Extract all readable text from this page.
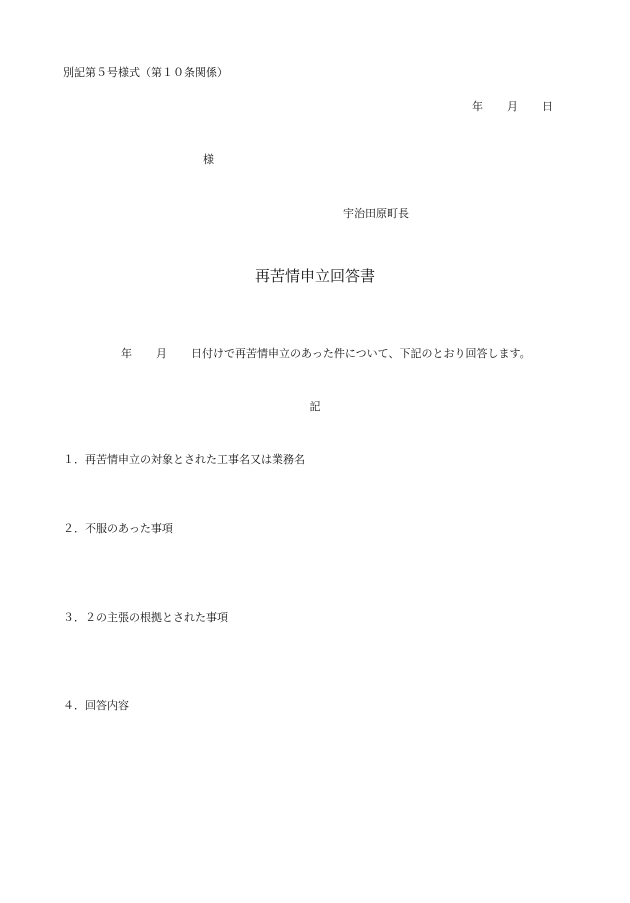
別記第５号様式（第１０条関係）
年 月 日
様
宇治田原町長
再苦情申立回答書
年 月 日付けで再苦情申立のあった件について、下記のとおり回答します。
記
１．再苦情申立の対象とされた工事名又は業務名
２．不服のあった事項
３．２の主張の根拠とされた事項
４．回答内容
